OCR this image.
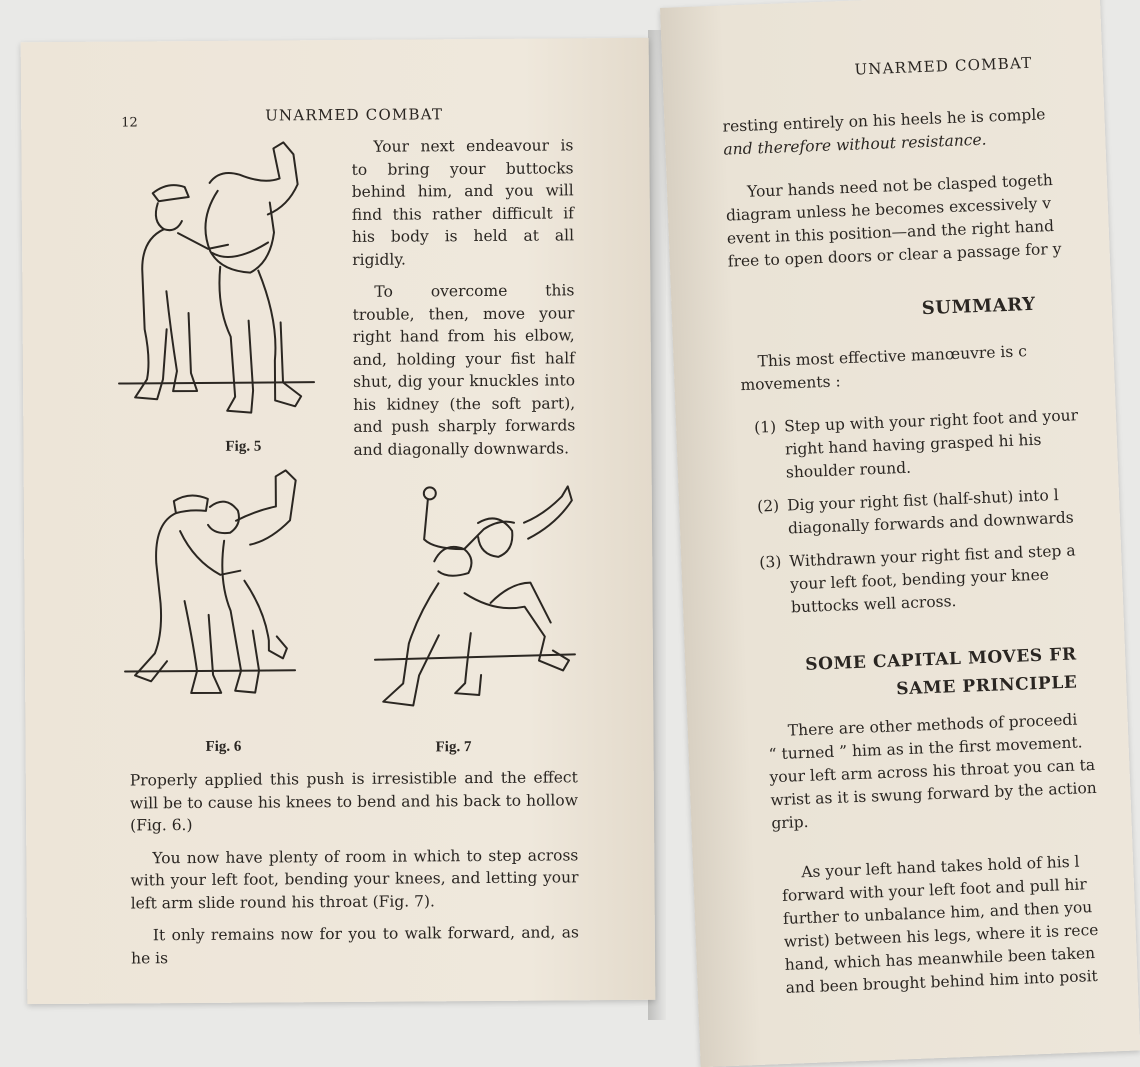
12	UNARMED COMBAT

Your next endeavour is to bring your buttocks behind him, and you will find this rather difficult if his body is held at all rigidly.

To overcome this trouble, then, move your right hand from his elbow, and, holding your fist half shut, dig your knuckles into his kidney (the soft part), and push sharply forwards and diagonally downwards.

Fig. 5
Fig. 6	Fig. 7

Properly applied this push is irresistible and the effect will be to cause his knees to bend and his back to hollow (Fig. 6.)

You now have plenty of room in which to step across with your left foot, bending your knees, and letting your left arm slide round his throat (Fig. 7).

It only remains now for you to walk forward, and, as he is

UNARMED COMBAT
resting entirely on his heels he is comple
and therefore without resistance.
Your hands need not be clasped togeth
diagram unless he becomes excessively v
event in this position—and the right hand
free to open doors or clear a passage for y
SUMMARY
This most effective manœuvre is c
movements :
(1) Step up with your right foot and your right hand having grasped hi his shoulder round.
(2) Dig your right fist (half-shut) into l diagonally forwards and downwards
(3) Withdrawn your right fist and step a your left foot, bending your knee buttocks well across.
SOME CAPITAL MOVES FR
SAME PRINCIPLE
There are other methods of proceedi
“ turned ” him as in the first movement.
your left arm across his throat you can ta
wrist as it is swung forward by the action
grip.
As your left hand takes hold of his l
forward with your left foot and pull hir
further to unbalance him, and then you
wrist) between his legs, where it is rece
hand, which has meanwhile been taken
and been brought behind him into posit
